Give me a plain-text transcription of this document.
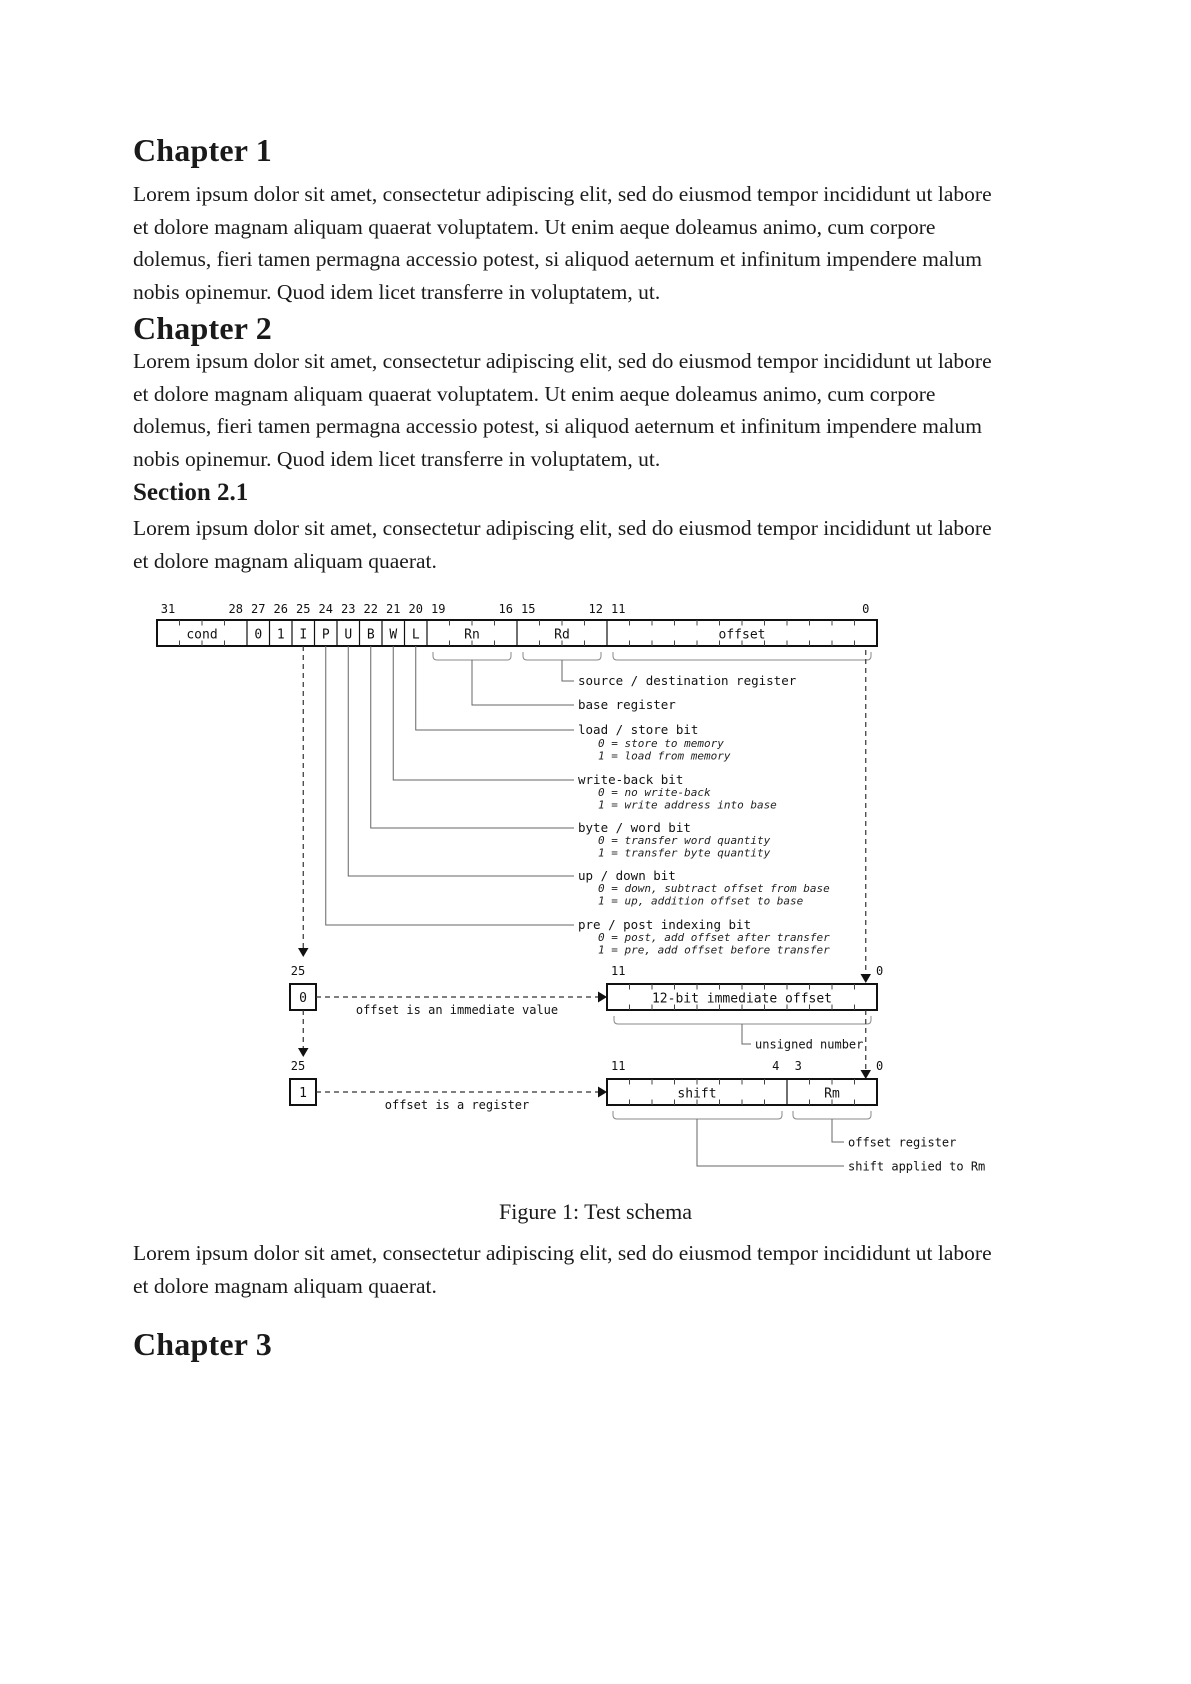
Chapter 1
Lorem ipsum dolor sit amet, consectetur adipiscing elit, sed do eiusmod tempor incididunt ut labore
et dolore magnam aliquam quaerat voluptatem. Ut enim aeque doleamus animo, cum corpore
dolemus, fieri tamen permagna accessio potest, si aliquod aeternum et infinitum impendere malum
nobis opinemur. Quod idem licet transferre in voluptatem, ut.
Chapter 2
Lorem ipsum dolor sit amet, consectetur adipiscing elit, sed do eiusmod tempor incididunt ut labore
et dolore magnam aliquam quaerat voluptatem. Ut enim aeque doleamus animo, cum corpore
dolemus, fieri tamen permagna accessio potest, si aliquod aeternum et infinitum impendere malum
nobis opinemur. Quod idem licet transferre in voluptatem, ut.
Section 2.1
Lorem ipsum dolor sit amet, consectetur adipiscing elit, sed do eiusmod tempor incididunt ut labore
et dolore magnam aliquam quaerat.
31	28 27 26 25 24 23 22 21 20 19	16 15	12 11	0
cond	0 1 I P U B W L	Rn	Rd	offset
source / destination register
base register
load / store bit
0 = store to memory
1 = load from memory
write-back bit
0 = no write-back
1 = write address into base
byte / word bit
0 = transfer word quantity
1 = transfer byte quantity
up / down bit
0 = down, subtract offset from base
1 = up, addition offset to base
pre / post indexing bit
0 = post, add offset after transfer
1 = pre, add offset before transfer
25
0
offset is an immediate value
11	0
12-bit immediate offset
unsigned number
25
1
offset is a register
11	4 3	0
shift	Rm
offset register
shift applied to Rm
Figure 1: Test schema
Lorem ipsum dolor sit amet, consectetur adipiscing elit, sed do eiusmod tempor incididunt ut labore
et dolore magnam aliquam quaerat.
Chapter 3
